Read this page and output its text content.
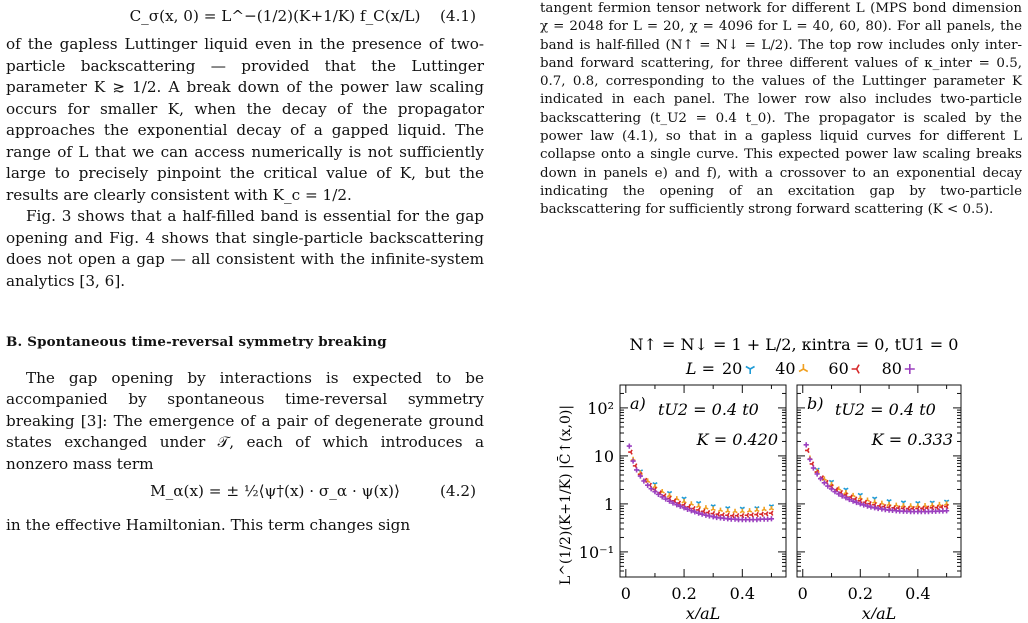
C_σ(x, 0) = L^−(1/2)(K+1/K) f_C(x/L) (4.1)

of the gapless Luttinger liquid even in the presence of two-particle backscattering — provided that the Luttinger parameter K ≳ 1/2. A break down of the power law scaling occurs for smaller K, when the decay of the propagator approaches the exponential decay of a gapped liquid. The range of L that we can access numerically is not sufficiently large to precisely pinpoint the critical value of K, but the results are clearly consistent with K_c = 1/2.

Fig. 3 shows that a half-filled band is essential for the gap opening and Fig. 4 shows that single-particle backscattering does not open a gap — all consistent with the infinite-system analytics [3, 6].

B. Spontaneous time-reversal symmetry breaking

The gap opening by interactions is expected to be accompanied by spontaneous time-reversal symmetry breaking [3]: The emergence of a pair of degenerate ground states exchanged under 𝒯, each of which introduces a nonzero mass term

M_α(x) = ± ½⟨ψ†(x) · σ_α · ψ(x)⟩	(4.2)

in the effective Hamiltonian. This term changes sign

tangent fermion tensor network for different L (MPS bond dimension χ = 2048 for L = 20, χ = 4096 for L = 40, 60, 80). For all panels, the band is half-filled (N↑ = N↓ = L/2). The top row includes only inter-band forward scattering, for three different values of κ_inter = 0.5, 0.7, 0.8, corresponding to the values of the Luttinger parameter K indicated in each panel. The lower row also includes two-particle backscattering (t_U2 = 0.4 t_0). The propagator is scaled by the power law (4.1), so that in a gapless liquid curves for different L collapse onto a single curve. This expected power law scaling breaks down in panels e) and f), with a crossover to an exponential decay indicating the opening of an excitation gap by two-particle backscattering for sufficiently strong forward scattering (K < 0.5).

N↑ = N↓ = 1 + L/2, κintra = 0, tU1 = 0
L = 20 40 60 80
L^(1/2)(K+1/K) |C̄↑(x,0)| 10⁻¹
1
10
10²
0	0.2 0.4
x/aL
a) tU2 = 0.4 t0
K = 0.420
0 0.2 0.4
x/aL
b) tU2 = 0.4 t0
K = 0.333
